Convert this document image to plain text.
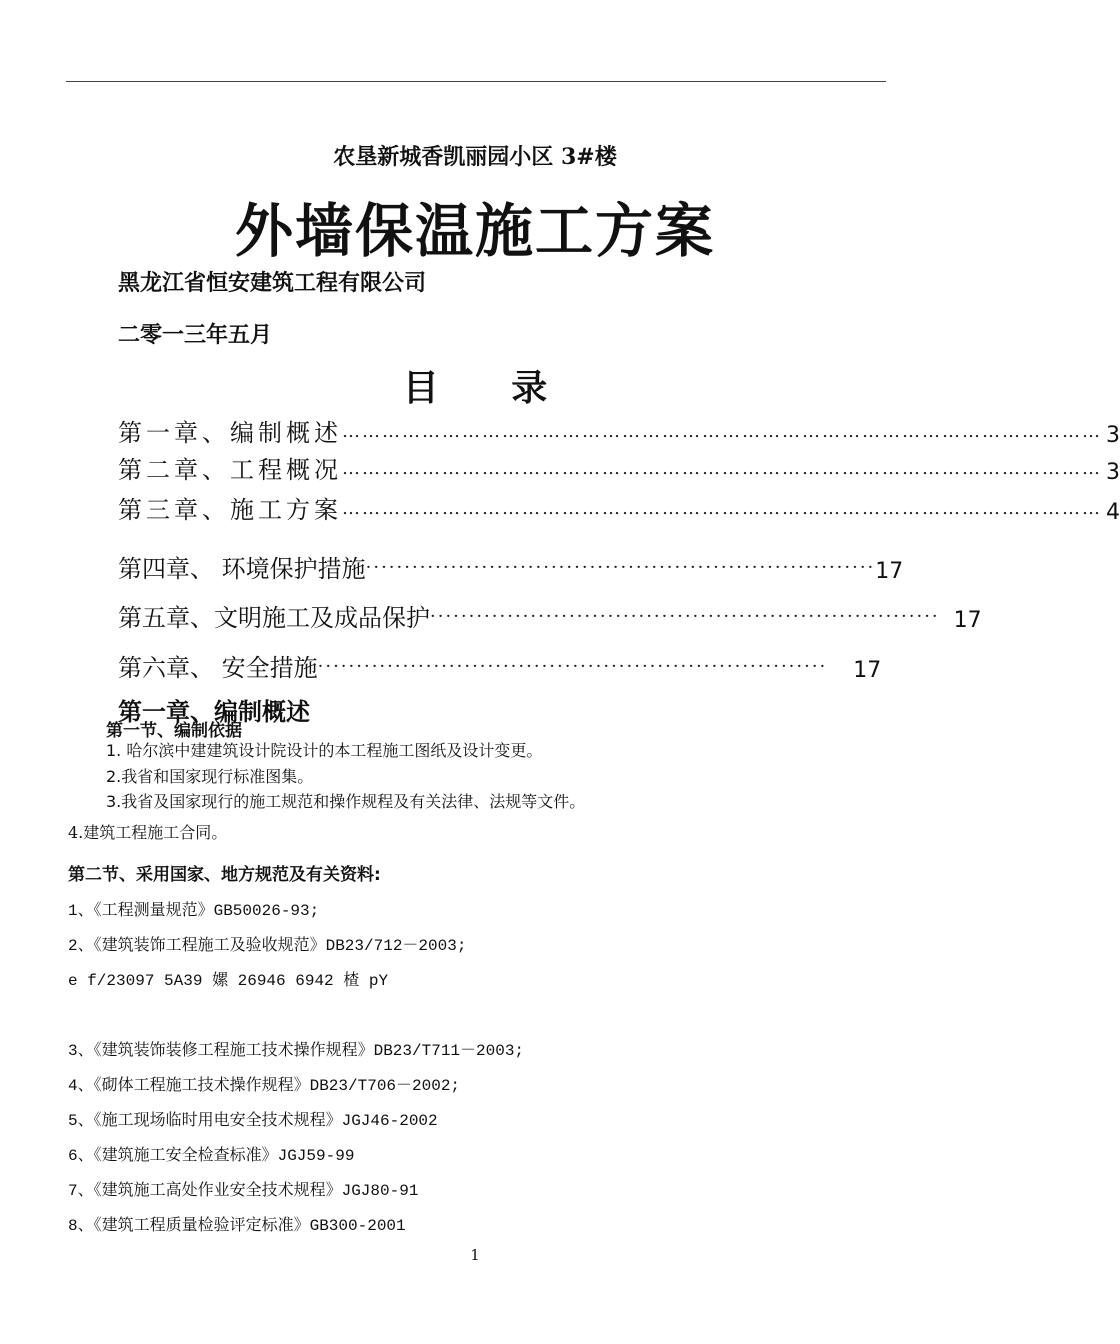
农垦新城香凯丽园小区 3#楼
外墙保温施工方案
黑龙江省恒安建筑工程有限公司
二零一三年五月
目 录
第一章、编制概述 …………………………………………………………………………………………………… 3
第二章、工程概况 …………………………………………………………………………………………………… 3
第三章、施工方案 …………………………………………………………………………………………………… 4
第四章、 环境保护措施 ·································································· 17
第五章、文明施工及成品保护 ·································································· 17
第六章、 安全措施 ·································································· 17
第一章、编制概述
第一节、编制依据
1. 哈尔滨中建建筑设计院设计的本工程施工图纸及设计变更。
2.我省和国家现行标准图集。
3.我省及国家现行的施工规范和操作规程及有关法律、法规等文件。
4.建筑工程施工合同。
第二节、采用国家、地方规范及有关资料:
1、《工程测量规范》GB50026-93;
2、《建筑装饰工程施工及验收规范》DB23/712－2003;
e f/23097 5A39 嫘 26946 6942 楂 pY
3、《建筑装饰装修工程施工技术操作规程》DB23/T711－2003;
4、《砌体工程施工技术操作规程》DB23/T706－2002;
5、《施工现场临时用电安全技术规程》JGJ46-2002
6、《建筑施工安全检查标准》JGJ59-99
7、《建筑施工高处作业安全技术规程》JGJ80-91
8、《建筑工程质量检验评定标准》GB300-2001
1
